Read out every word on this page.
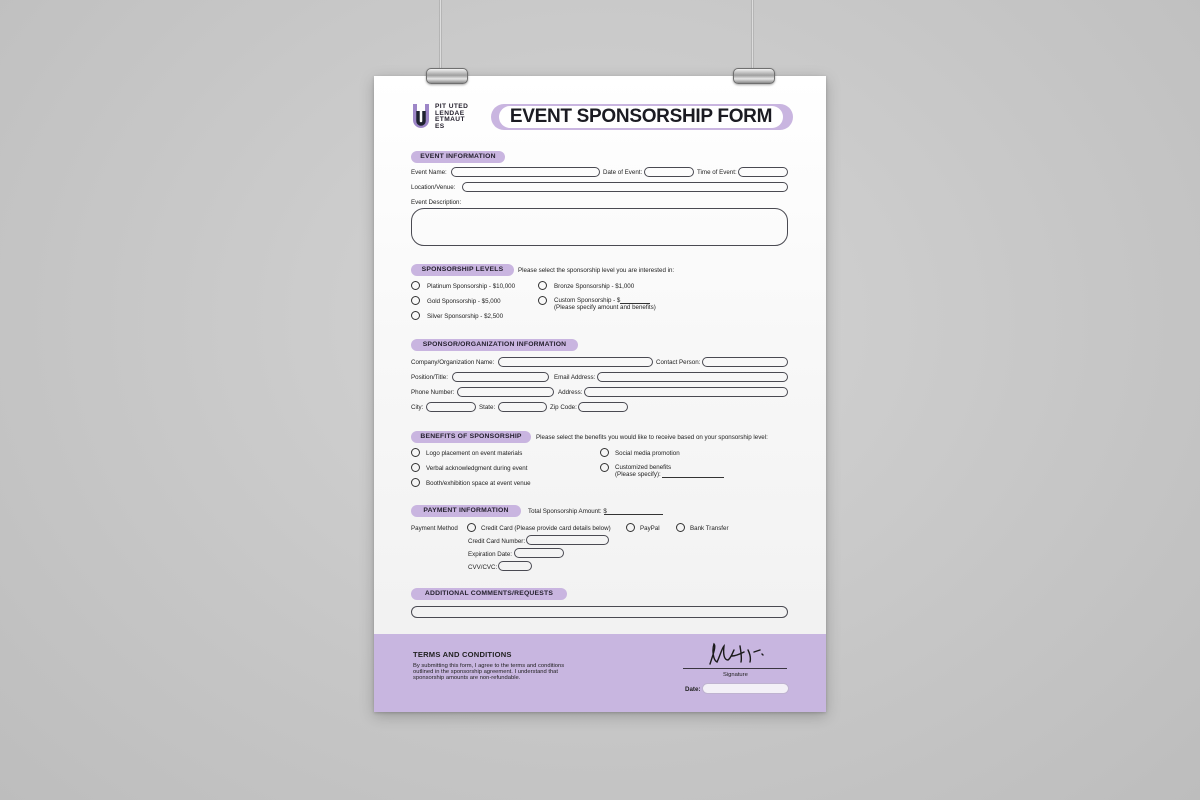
PIT UTED
LENDAE
ETMAUT
ES	EVENT SPONSORSHIP FORM
EVENT INFORMATION
Event Name:	Date of Event:	Time of Event:
Location/Venue:
Event Description:
SPONSORSHIP LEVELS	Please select the sponsorship level you are interested in:
Platinum Sponsorship - $10,000
Gold Sponsorship - $5,000
Silver Sponsorship - $2,500
Bronze Sponsorship - $1,000
Custom Sponsorship - $
(Please specify amount and benefits)
SPONSOR/ORGANIZATION INFORMATION
Company/Organization Name:	Contact Person:
Position/Title:	Email Address:
Phone Number:	Address:
City:	State:	Zip Code:
BENEFITS OF SPONSORSHIP	Please select the benefits you would like to receive based on your sponsorship level:
Logo placement on event materials
Verbal acknowledgment during event
Booth/exhibition space at event venue
Social media promotion
Customized benefits
(Please specify):
PAYMENT INFORMATION	Total Sponsorship Amount: $
Payment Method	Credit Card (Please provide card details below)	PayPal	Bank Transfer
Credit Card Number:
Expiration Date:
CVV/CVC:
ADDITIONAL COMMENTS/REQUESTS
TERMS AND CONDITIONS
By submitting this form, I agree to the terms and conditions
outlined in the sponsorship agreement. I understand that
sponsorship amounts are non-refundable.	Signature
Date:
